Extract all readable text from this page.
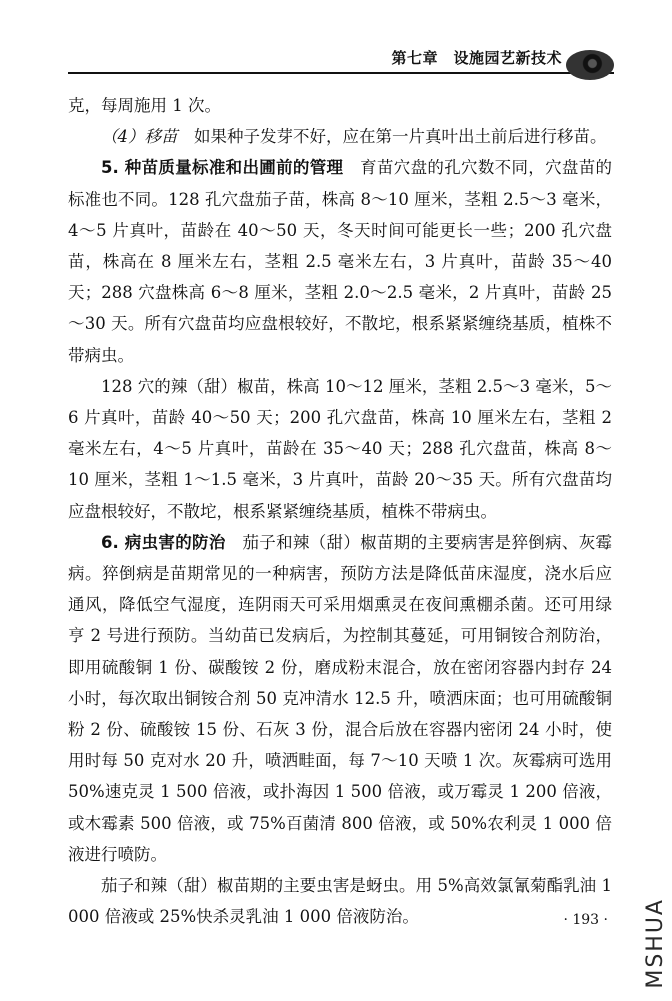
第七章　设施园艺新技术

克，每周施用 1 次。

（4）移苗　如果种子发芽不好，应在第一片真叶出土前后进行移苗。

5. 种苗质量标准和出圃前的管理　育苗穴盘的孔穴数不同，穴盘苗的标准也不同。128 孔穴盘茄子苗，株高 8～10 厘米，茎粗 2.5～3 毫米，4～5 片真叶，苗龄在 40～50 天，冬天时间可能更长一些；200 孔穴盘苗，株高在 8 厘米左右，茎粗 2.5 毫米左右，3 片真叶，苗龄 35～40 天；288 穴盘株高 6～8 厘米，茎粗 2.0～2.5 毫米，2 片真叶，苗龄 25～30 天。所有穴盘苗均应盘根较好，不散坨，根系紧紧缠绕基质，植株不带病虫。

128 穴的辣（甜）椒苗，株高 10～12 厘米，茎粗 2.5～3 毫米，5～6 片真叶，苗龄 40～50 天；200 孔穴盘苗，株高 10 厘米左右，茎粗 2 毫米左右，4～5 片真叶，苗龄在 35～40 天；288 孔穴盘苗，株高 8～10 厘米，茎粗 1～1.5 毫米，3 片真叶，苗龄 20～35 天。所有穴盘苗均应盘根较好，不散坨，根系紧紧缠绕基质，植株不带病虫。

6. 病虫害的防治　茄子和辣（甜）椒苗期的主要病害是猝倒病、灰霉病。猝倒病是苗期常见的一种病害，预防方法是降低苗床湿度，浇水后应通风，降低空气湿度，连阴雨天可采用烟熏灵在夜间熏棚杀菌。还可用绿亨 2 号进行预防。当幼苗已发病后，为控制其蔓延，可用铜铵合剂防治，即用硫酸铜 1 份、碳酸铵 2 份，磨成粉末混合，放在密闭容器内封存 24 小时，每次取出铜铵合剂 50 克冲清水 12.5 升，喷洒床面；也可用硫酸铜粉 2 份、硫酸铵 15 份、石灰 3 份，混合后放在容器内密闭 24 小时，使用时每 50 克对水 20 升，喷洒畦面，每 7～10 天喷 1 次。灰霉病可选用 50%速克灵 1 500 倍液，或扑海因 1 500 倍液，或万霉灵 1 200 倍液，或木霉素 500 倍液，或 75%百菌清 800 倍液，或 50%农利灵 1 000 倍液进行喷防。

茄子和辣（甜）椒苗期的主要虫害是蚜虫。用 5%高效氯氰菊酯乳油 1 000 倍液或 25%快杀灵乳油 1 000 倍液防治。	· 193 · MSHUA
